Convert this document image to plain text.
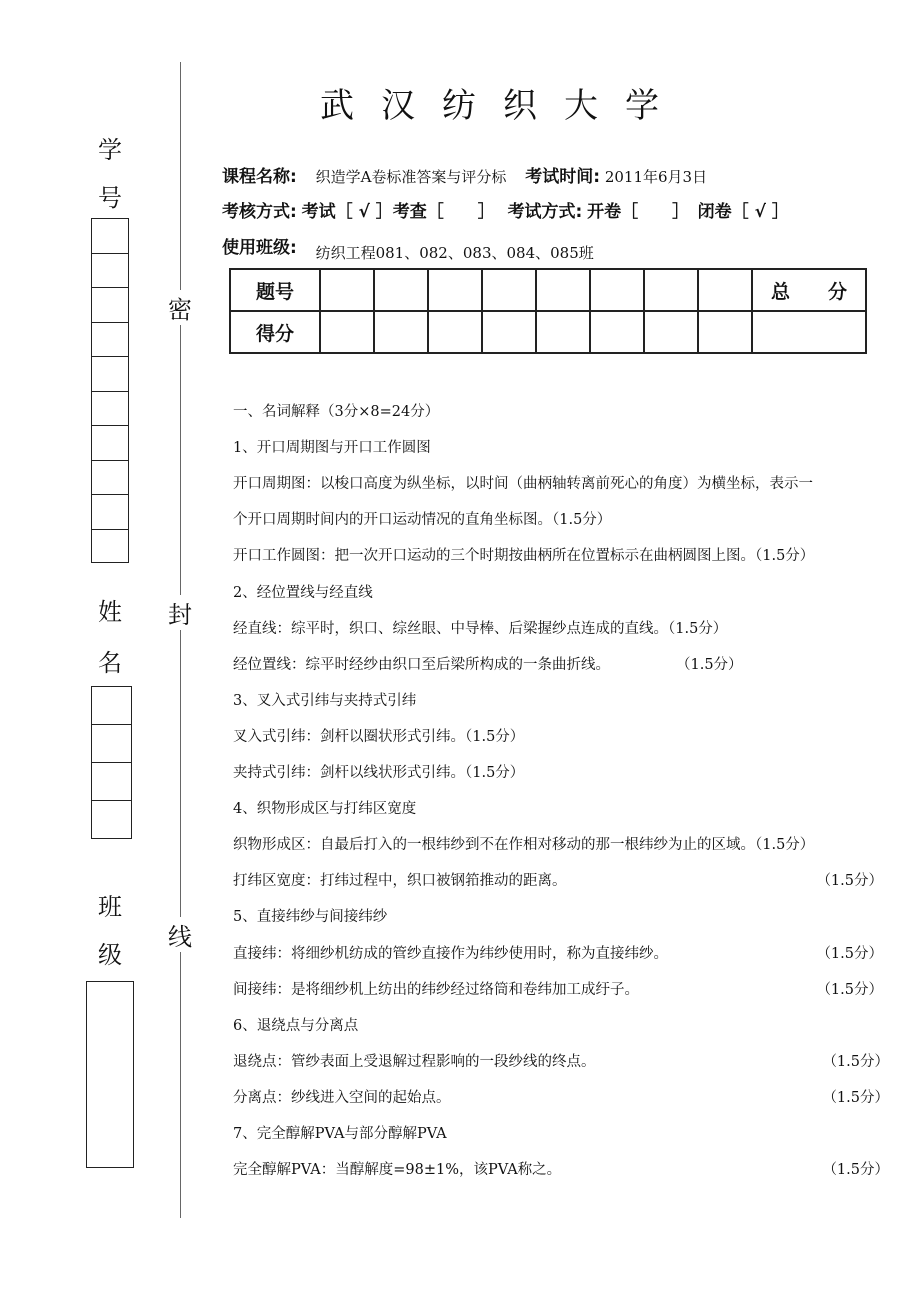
学
号
姓
名
班
级
密
封
线
武汉纺织大学
课程名称: 织造学A卷标准答案与评分标 考试时间: 2011年6月3日
考核方式: 考试［ √ ］考查［　　］ 考试方式: 开卷［　　］　闭卷［ √ ］
使用班级: 纺织工程081、082、083、084、085班
题号									总　　分
得分									
一、名词解释（3分×8=24分）
1、开口周期图与开口工作圆图
开口周期图：以梭口高度为纵坐标，以时间（曲柄轴转离前死心的角度）为横坐标，表示一
个开口周期时间内的开口运动情况的直角坐标图。（1.5分）
开口工作圆图：把一次开口运动的三个时期按曲柄所在位置标示在曲柄圆图上图。（1.5分）
2、经位置线与经直线
经直线：综平时，织口、综丝眼、中导棒、后梁握纱点连成的直线。（1.5分）
经位置线：综平时经纱由织口至后梁所构成的一条曲折线。	（1.5分）
3、叉入式引纬与夹持式引纬
叉入式引纬：剑杆以圈状形式引纬。（1.5分）
夹持式引纬：剑杆以线状形式引纬。（1.5分）
4、织物形成区与打纬区宽度
织物形成区：自最后打入的一根纬纱到不在作相对移动的那一根纬纱为止的区域。（1.5分）
打纬区宽度：打纬过程中，织口被钢筘推动的距离。	（1.5分）
5、直接纬纱与间接纬纱
直接纬：将细纱机纺成的管纱直接作为纬纱使用时，称为直接纬纱。	（1.5分）
间接纬：是将细纱机上纺出的纬纱经过络筒和卷纬加工成纡子。	（1.5分）
6、退绕点与分离点
退绕点：管纱表面上受退解过程影响的一段纱线的终点。	（1.5分）
分离点：纱线进入空间的起始点。	（1.5分）
7、完全醇解PVA与部分醇解PVA
完全醇解PVA：当醇解度=98±1%，该PVA称之。	（1.5分）
